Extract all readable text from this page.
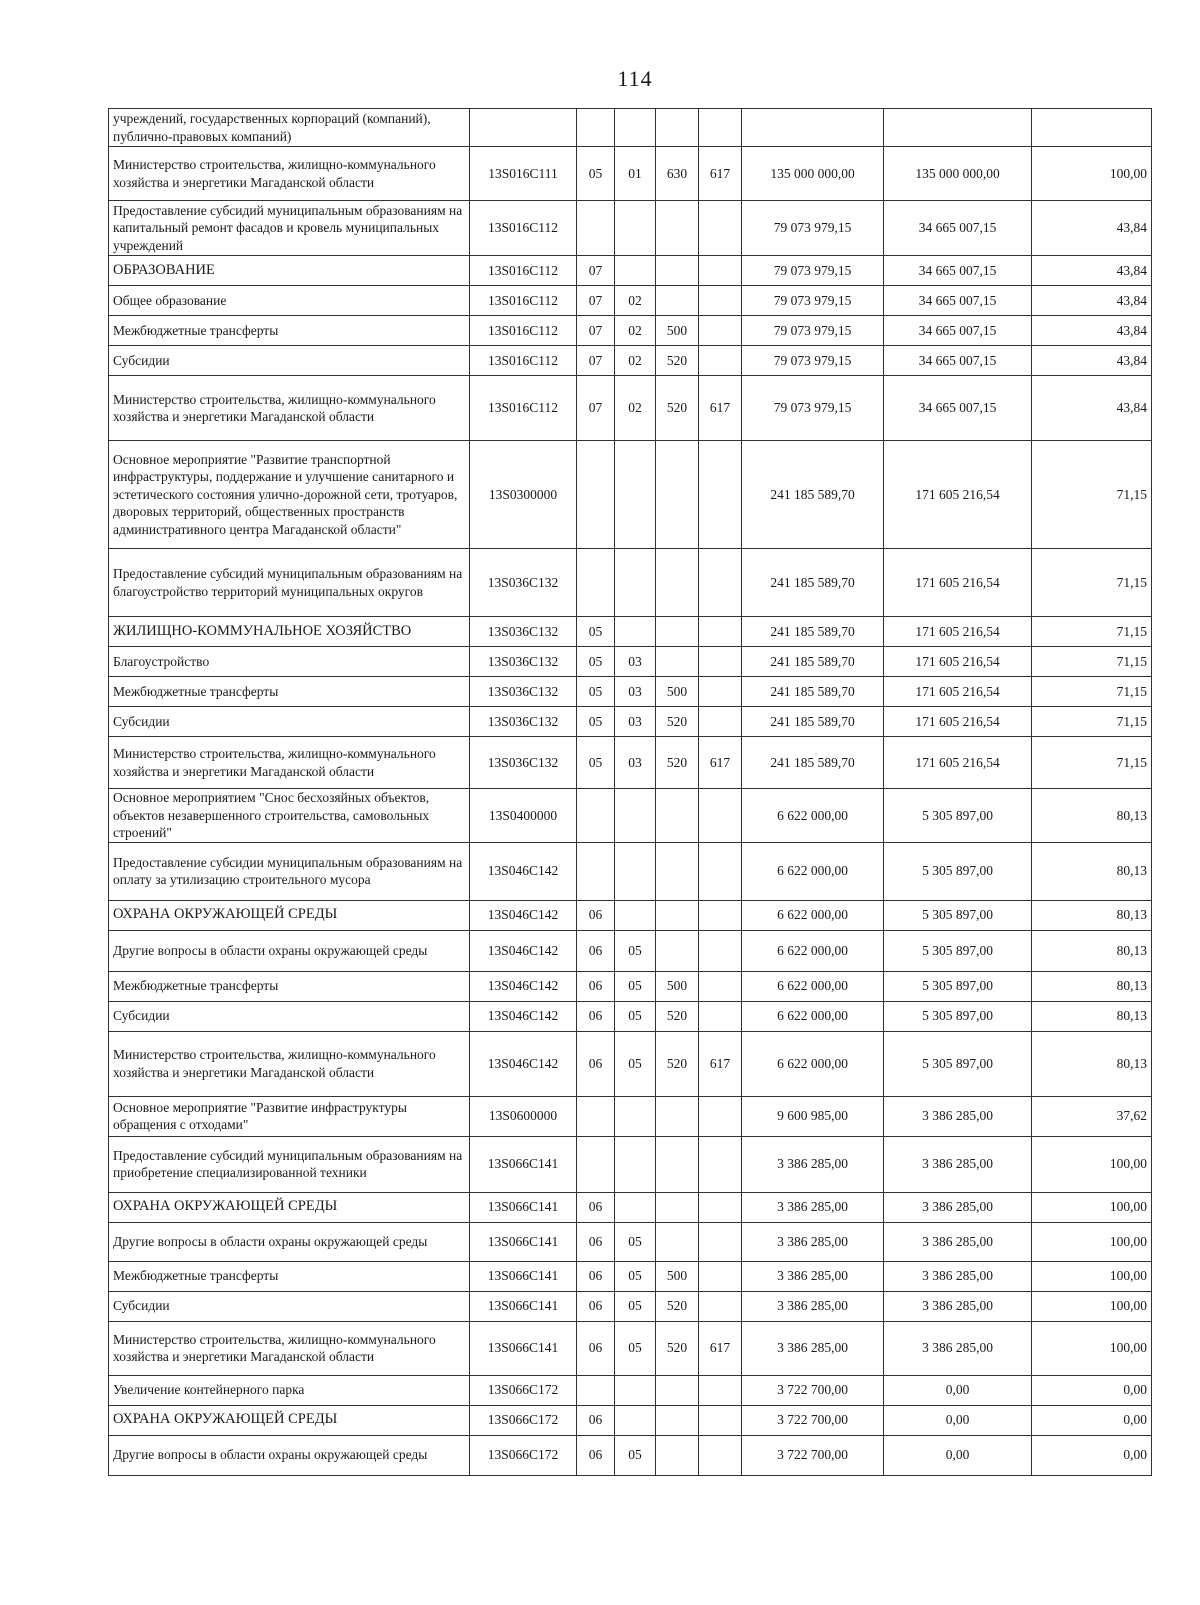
114
учреждений, государственных корпораций (компаний), публично-правовых компаний)								
Министерство строительства, жилищно-коммунального хозяйства и энергетики Магаданской области	13S016C111	05	01	630	617	135 000 000,00	135 000 000,00	100,00
Предоставление субсидий муниципальным образованиям на капитальный ремонт фасадов и кровель муниципальных учреждений	13S016C112					79 073 979,15	34 665 007,15	43,84
ОБРАЗОВАНИЕ	13S016C112	07				79 073 979,15	34 665 007,15	43,84
Общее образование	13S016C112	07	02			79 073 979,15	34 665 007,15	43,84
Межбюджетные трансферты	13S016C112	07	02	500		79 073 979,15	34 665 007,15	43,84
Субсидии	13S016C112	07	02	520		79 073 979,15	34 665 007,15	43,84
Министерство строительства, жилищно-коммунального хозяйства и энергетики Магаданской области	13S016C112	07	02	520	617	79 073 979,15	34 665 007,15	43,84
Основное мероприятие "Развитие транспортной инфраструктуры, поддержание и улучшение санитарного и эстетического состояния улично-дорожной сети, тротуаров, дворовых территорий, общественных пространств административного центра Магаданской области"	13S0300000					241 185 589,70	171 605 216,54	71,15
Предоставление субсидий муниципальным образованиям на благоустройство территорий муниципальных округов	13S036C132					241 185 589,70	171 605 216,54	71,15
ЖИЛИЩНО-КОММУНАЛЬНОЕ ХОЗЯЙСТВО	13S036C132	05				241 185 589,70	171 605 216,54	71,15
Благоустройство	13S036C132	05	03			241 185 589,70	171 605 216,54	71,15
Межбюджетные трансферты	13S036C132	05	03	500		241 185 589,70	171 605 216,54	71,15
Субсидии	13S036C132	05	03	520		241 185 589,70	171 605 216,54	71,15
Министерство строительства, жилищно-коммунального хозяйства и энергетики Магаданской области	13S036C132	05	03	520	617	241 185 589,70	171 605 216,54	71,15
Основное мероприятием "Снос бесхозяйных объектов, объектов незавершенного строительства, самовольных строений"	13S0400000					6 622 000,00	5 305 897,00	80,13
Предоставление субсидии муниципальным образованиям на оплату за утилизацию строительного мусора	13S046C142					6 622 000,00	5 305 897,00	80,13
ОХРАНА ОКРУЖАЮЩЕЙ СРЕДЫ	13S046C142	06				6 622 000,00	5 305 897,00	80,13
Другие вопросы в области охраны окружающей среды	13S046C142	06	05			6 622 000,00	5 305 897,00	80,13
Межбюджетные трансферты	13S046C142	06	05	500		6 622 000,00	5 305 897,00	80,13
Субсидии	13S046C142	06	05	520		6 622 000,00	5 305 897,00	80,13
Министерство строительства, жилищно-коммунального хозяйства и энергетики Магаданской области	13S046C142	06	05	520	617	6 622 000,00	5 305 897,00	80,13
Основное мероприятие "Развитие инфраструктуры обращения с отходами"	13S0600000					9 600 985,00	3 386 285,00	37,62
Предоставление субсидий муниципальным образованиям на приобретение специализированной техники	13S066C141					3 386 285,00	3 386 285,00	100,00
ОХРАНА ОКРУЖАЮЩЕЙ СРЕДЫ	13S066C141	06				3 386 285,00	3 386 285,00	100,00
Другие вопросы в области охраны окружающей среды	13S066C141	06	05			3 386 285,00	3 386 285,00	100,00
Межбюджетные трансферты	13S066C141	06	05	500		3 386 285,00	3 386 285,00	100,00
Субсидии	13S066C141	06	05	520		3 386 285,00	3 386 285,00	100,00
Министерство строительства, жилищно-коммунального хозяйства и энергетики Магаданской области	13S066C141	06	05	520	617	3 386 285,00	3 386 285,00	100,00
Увеличение контейнерного парка	13S066C172					3 722 700,00	0,00	0,00
ОХРАНА ОКРУЖАЮЩЕЙ СРЕДЫ	13S066C172	06				3 722 700,00	0,00	0,00
Другие вопросы в области охраны окружающей среды	13S066C172	06	05			3 722 700,00	0,00	0,00
